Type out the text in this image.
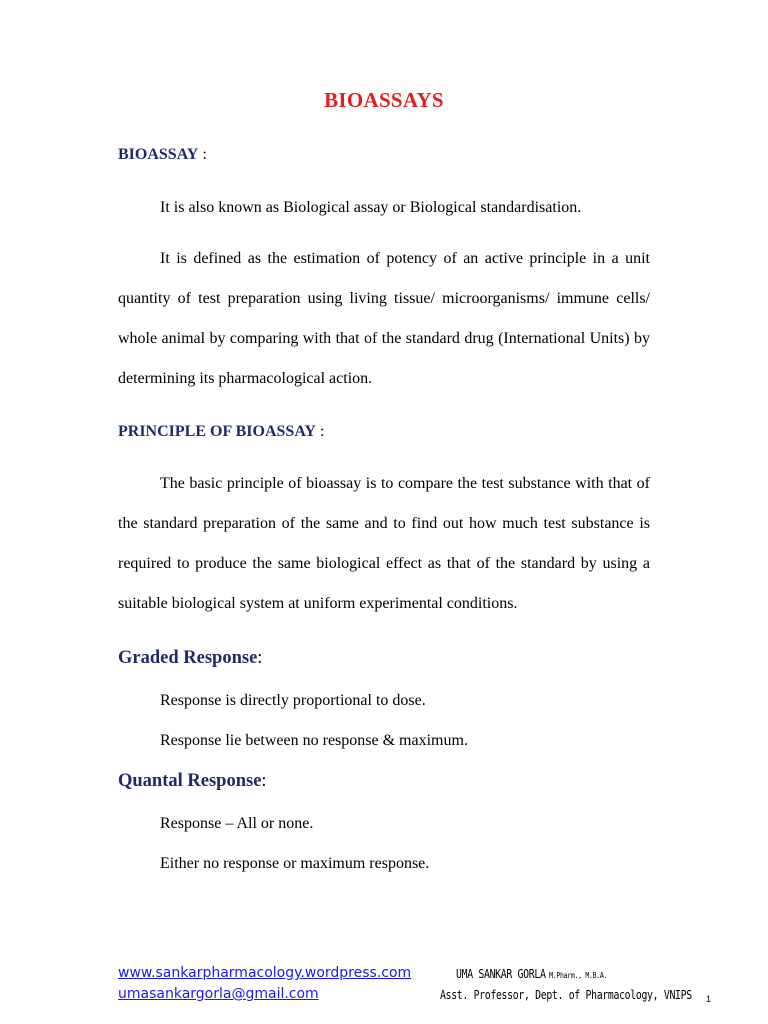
BIOASSAYS
BIOASSAY :
It is also known as Biological assay or Biological standardisation.
It is defined as the estimation of potency of an active principle in a unit quantity of test preparation using living tissue/ microorganisms/ immune cells/ whole animal by comparing with that of the standard drug (International Units) by determining its pharmacological action.
PRINCIPLE OF BIOASSAY :
The basic principle of bioassay is to compare the test substance with that of the standard preparation of the same and to find out how much test substance is required to produce the same biological effect as that of the standard by using a suitable biological system at uniform experimental conditions.
Graded Response:
Response is directly proportional to dose.
Response lie between no response & maximum.
Quantal Response:
Response – All or none.
Either no response or maximum response.
www.sankarpharmacology.wordpress.com
umasankargorla@gmail.com
UMA SANKAR GORLA M.Pharm., M.B.A.
Asst. Professor, Dept. of Pharmacology, VNIPS 1
